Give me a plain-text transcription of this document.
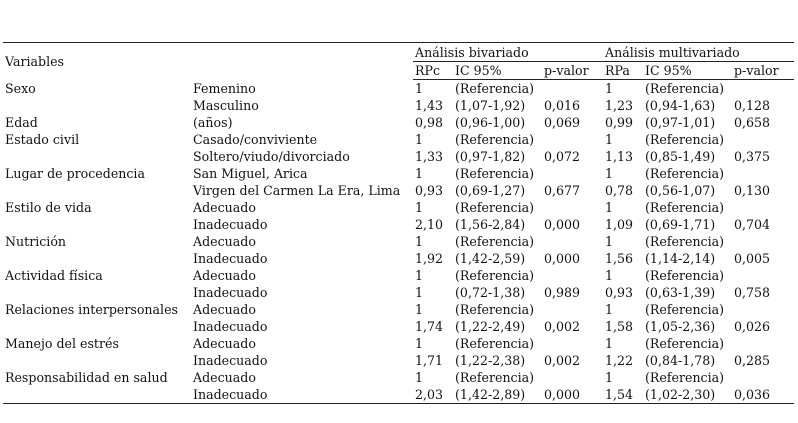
Variables		Análisis bivariado			Análisis multivariado		
		RPc	IC 95%	p-valor	RPa	IC 95%	p-valor
Sexo	Femenino	1	(Referencia)		1	(Referencia)	
	Masculino	1,43	(1,07-1,92)	0,016	1,23	(0,94-1,63)	0,128
Edad	(años)	0,98	(0,96-1,00)	0,069	0,99	(0,97-1,01)	0,658
Estado civil	Casado/conviviente	1	(Referencia)		1	(Referencia)	
	Soltero/viudo/divorciado	1,33	(0,97-1,82)	0,072	1,13	(0,85-1,49)	0,375
Lugar de procedencia	San Miguel, Arica	1	(Referencia)		1	(Referencia)	
	Virgen del Carmen La Era, Lima	0,93	(0,69-1,27)	0,677	0,78	(0,56-1,07)	0,130
Estilo de vida	Adecuado	1	(Referencia)		1	(Referencia)	
	Inadecuado	2,10	(1,56-2,84)	0,000	1,09	(0,69-1,71)	0,704
Nutrición	Adecuado	1	(Referencia)		1	(Referencia)	
	Inadecuado	1,92	(1,42-2,59)	0,000	1,56	(1,14-2,14)	0,005
Actividad física	Adecuado	1	(Referencia)		1	(Referencia)	
	Inadecuado	1	(0,72-1,38)	0,989	0,93	(0,63-1,39)	0,758
Relaciones interpersonales	Adecuado	1	(Referencia)		1	(Referencia)	
	Inadecuado	1,74	(1,22-2,49)	0,002	1,58	(1,05-2,36)	0,026
Manejo del estrés	Adecuado	1	(Referencia)		1	(Referencia)	
	Inadecuado	1,71	(1,22-2,38)	0,002	1,22	(0,84-1,78)	0,285
Responsabilidad en salud	Adecuado	1	(Referencia)		1	(Referencia)	
	Inadecuado	2,03	(1,42-2,89)	0,000	1,54	(1,02-2,30)	0,036
